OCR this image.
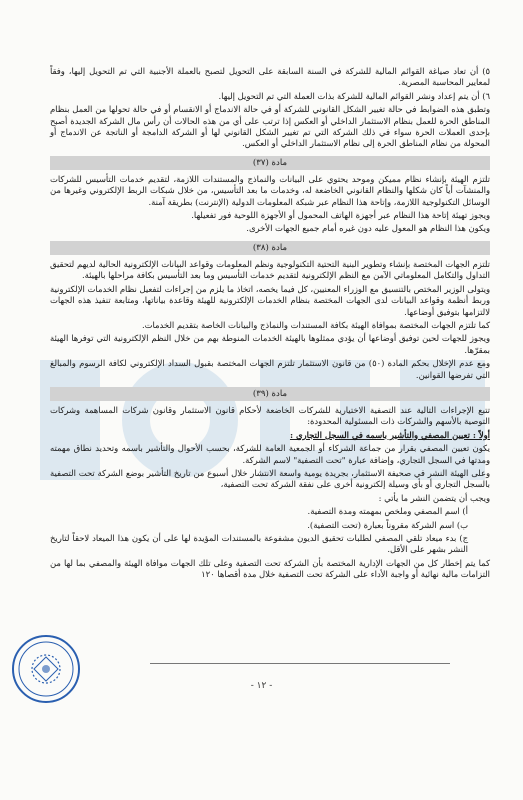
٥) أن تعاد صياغة القوائم المالية للشركة في السنة السابقة على التحويل لتصبح بالعملة الأجنبية التي تم التحويل إليها، وفقاً لمعايير المحاسبة المصرية.

٦) أن يتم إعداد ونشر القوائم المالية للشركة بذات العملة التي تم التحويل إليها.

وتطبق هذه الضوابط في حالة تغيير الشكل القانوني للشركة أو في حالة الاندماج أو الانقسام أو في حالة تحولها من العمل بنظام المناطق الحرة للعمل بنظام الاستثمار الداخلي أو العكس إذا ترتب على أي من هذه الحالات أن رأس مال الشركة الجديدة أصبح بإحدى العملات الحرة سواء في ذلك الشركة التي تم تغيير الشكل القانوني لها أو الشركة الدامجة أو الناتجة عن الاندماج أو المحولة من نظام المناطق الحرة إلى نظام الاستثمار الداخلي أو العكس.

مادة (٣٧)

تلتزم الهيئة بإنشاء نظام مميكن وموحد يحتوي على البيانات والنماذج والمستندات اللازمة، لتقديم خدمات التأسيس للشركات والمنشآت أياً كان شكلها والنظام القانوني الخاضعة له، وخدمات ما بعد التأسيس، من خلال شبكات الربط الإلكتروني وغيرها من الوسائل التكنولوجية اللازمة، وإتاحة هذا النظام عبر شبكة المعلومات الدولية (الإنترنت) بطريقة آمنة.

ويجوز تهيئة إتاحة هذا النظام عبر أجهزة الهاتف المحمول أو الأجهزة اللوحية فور تفعيلها.

ويكون هذا النظام هو المعول عليه دون غيره أمام جميع الجهات الأخرى.

مادة (٣٨)

تلتزم الجهات المختصة بإنشاء وتطوير البنية التحتية التكنولوجية ونظم المعلومات وقواعد البيانات الإلكترونية الحالية لديهم لتحقيق التداول والتكامل المعلوماتي الآمن مع النظم الإلكترونية لتقديم خدمات التأسيس وما بعد التأسيس بكافة مراحلها بالهيئة.

ويتولى الوزير المختص بالتنسيق مع الوزراء المعنيين، كل فيما يخصه، اتخاذ ما يلزم من إجراءات لتفعيل نظام الخدمات الإلكترونية وربط أنظمة وقواعد البيانات لدى الجهات المختصة بنظام الخدمات الإلكترونية للهيئة وقاعدة بياناتها، ومتابعة تنفيذ هذه الجهات لالتزامها بتوفيق أوضاعها.

كما تلتزم الجهات المختصة بموافاة الهيئة بكافة المستندات والنماذج والبيانات الخاصة بتقديم الخدمات.

ويجوز للجهات لحين توفيق أوضاعها أن يؤدي ممثلوها بالهيئة الخدمات المنوطة بهم من خلال النظم الإلكترونية التي توفرها الهيئة بمقرّها.

ومع عدم الإخلال بحكم المادة (٥٠) من قانون الاستثمار تلتزم الجهات المختصة بقبول السداد الإلكتروني لكافة الرسوم والمبالغ التي تفرضها القوانين.

مادة (٣٩)

تتبع الإجراءات التالية عند التصفية الاختيارية للشركات الخاضعة لأحكام قانون الاستثمار وقانون شركات المساهمة وشركات التوصية بالأسهم والشركات ذات المسئولية المحدودة:

أولاً : تعيين المصفي والتأشير باسمه في السجل التجاري :

يكون تعيين المصفي بقرار من جماعة الشركاء أو الجمعية العامة للشركة، بحسب الأحوال والتأشير باسمه وتحديد نطاق مهمته ومدتها في السجل التجاري، وإضافة عبارة "تحت التصفية" لاسم الشركة.

وعلى الهيئة النشر في صحيفة الاستثمار، بجريدة يومية واسعة الانتشار خلال أسبوع من تاريخ التأشير بوضع الشركة تحت التصفية بالسجل التجاري أو بأي وسيلة إلكترونية أخرى على نفقة الشركة تحت التصفية،

ويجب أن يتضمن النشر ما يأتي :

أ) اسم المصفي وملخص بمهمته ومدة التصفية.

ب) اسم الشركة مقروناً بعبارة (تحت التصفية).

ج) بدء ميعاد تلقي المصفي لطلبات تحقيق الديون مشفوعة بالمستندات المؤيدة لها على أن يكون هذا الميعاد لاحقاً لتاريخ النشر بشهر على الأقل.

كما يتم إخطار كل من الجهات الإدارية المختصة بأن الشركة تحت التصفية وعلى تلك الجهات موافاة الهيئة والمصفي بما لها من التزامات مالية نهائية أو واجبة الأداء على الشركة تحت التصفية خلال مدة أقصاها ١٢٠

- ١٢ -
